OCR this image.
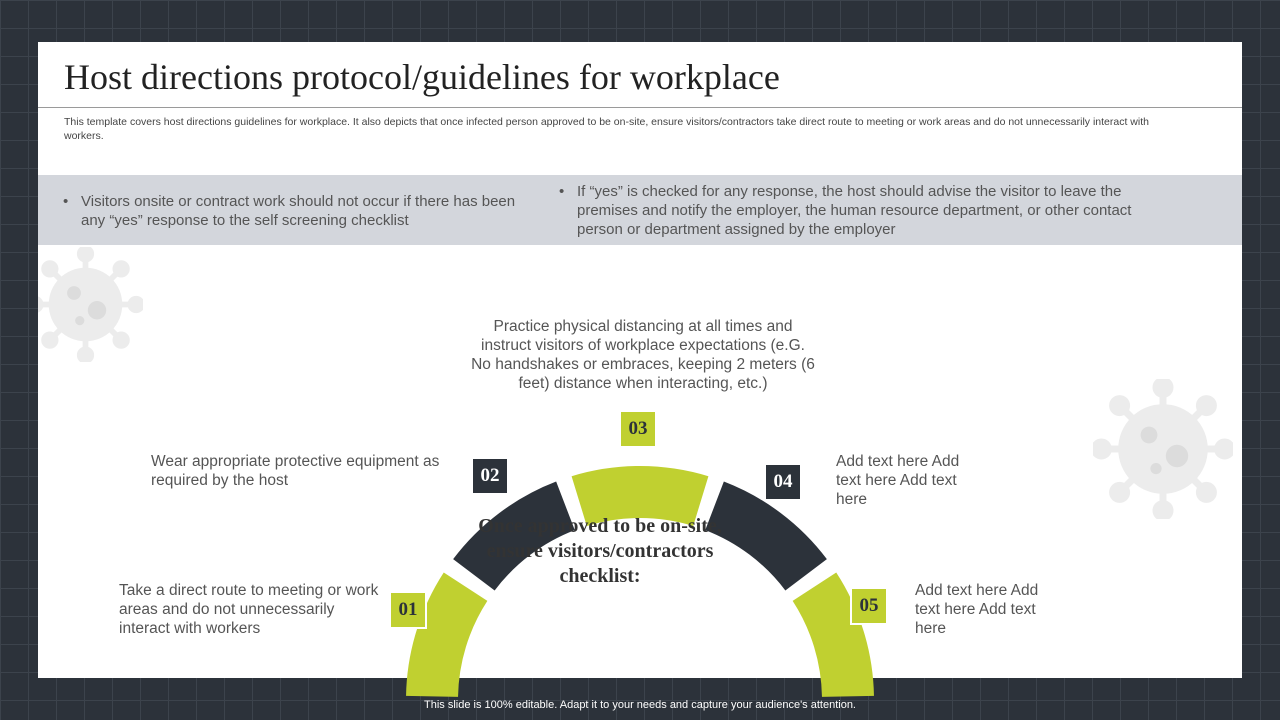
Host directions protocol/guidelines for workplace
This template covers host directions guidelines for workplace. It also depicts that once infected person approved to be on-site, ensure visitors/contractors take direct route to meeting or work areas and do not unnecessarily interact with workers.
• Visitors onsite or contract work should not occur if there has been any “yes” response to the self screening checklist
• If “yes” is checked for any response, the host should advise the visitor to leave the premises and notify the employer, the human resource department, or other contact person or department assigned by the employer
01
02
03
04
05
Once approved to be on-site, ensure visitors/contractors checklist:
Take a direct route to meeting or work areas and do not unnecessarily interact with workers
Wear appropriate protective equipment as required by the host
Practice physical distancing at all times and instruct visitors of workplace expectations (e.G. No handshakes or embraces, keeping 2 meters (6 feet) distance when interacting, etc.)
Add text here Add text here Add text here
Add text here Add text here Add text here
This slide is 100% editable. Adapt it to your needs and capture your audience's attention.
